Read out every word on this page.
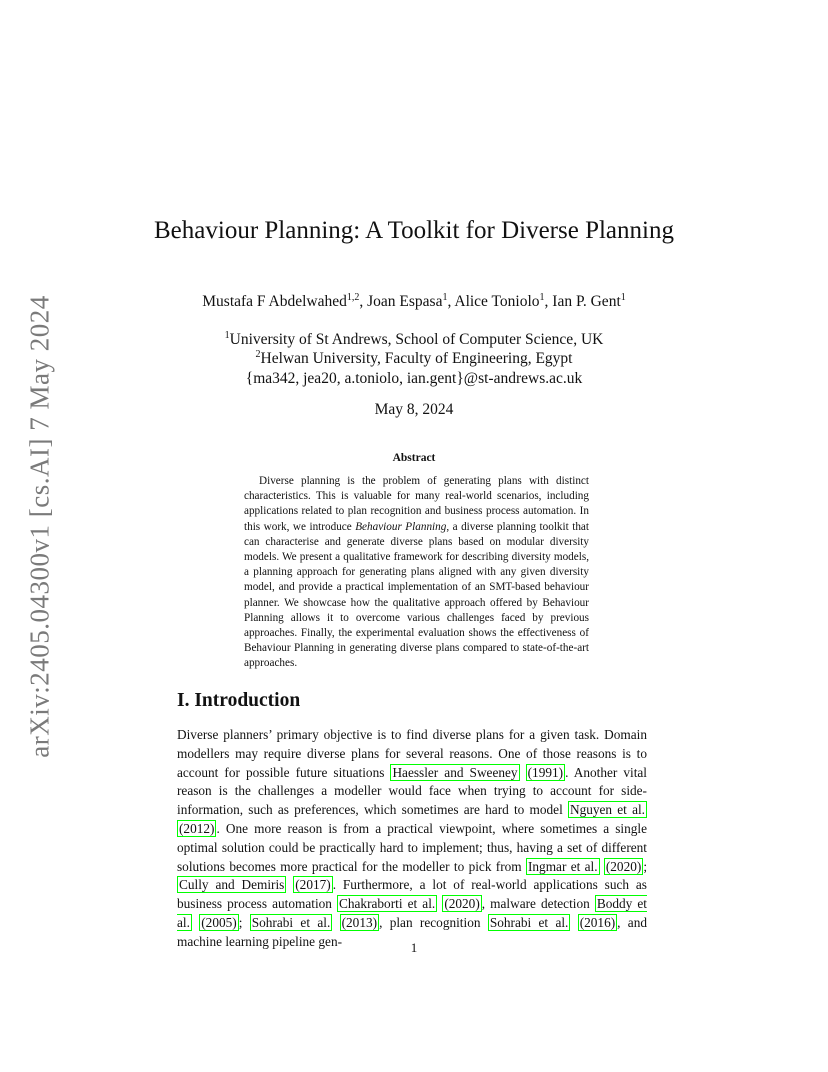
arXiv:2405.04300v1 [cs.AI] 7 May 2024
Behaviour Planning: A Toolkit for Diverse Planning
Mustafa F Abdelwahed$^{1,2}$, Joan Espasa$^1$, Alice Toniolo$^1$, Ian P. Gent$^1$
$^1$University of St Andrews, School of Computer Science, UK
$^2$Helwan University, Faculty of Engineering, Egypt
{ma342, jea20, a.toniolo, ian.gent}@st-andrews.ac.uk
May 8, 2024
Abstract

Diverse planning is the problem of generating plans with distinct characteristics. This is valuable for many real-world scenarios, including applications related to plan recognition and business process automation. In this work, we introduce Behaviour Planning, a diverse planning toolkit that can characterise and generate diverse plans based on modular diversity models. We present a qualitative framework for describing diversity models, a planning approach for generating plans aligned with any given diversity model, and provide a practical implementation of an SMT-based behaviour planner. We showcase how the qualitative approach offered by Behaviour Planning allows it to overcome various challenges faced by previous approaches. Finally, the experimental evaluation shows the effectiveness of Behaviour Planning in generating diverse plans compared to state-of-the-art approaches.

I. Introduction

Diverse planners’ primary objective is to find diverse plans for a given task. Domain modellers may require diverse plans for several reasons. One of those reasons is to account for possible future situations Haessler and Sweeney (1991) . Another vital reason is the challenges a modeller would face when trying to account for side-information, such as preferences, which sometimes are hard to model Nguyen et al. (2012) . One more reason is from a practical viewpoint, where sometimes a single optimal solution could be practically hard to implement; thus, having a set of different solutions becomes more practical for the modeller to pick from Ingmar et al. (2020) ; Cully and Demiris (2017) . Furthermore, a lot of real-world applications such as business process automation Chakraborti et al. (2020) , malware detection Boddy et al. (2005) ; Sohrabi et al. (2013) , plan recognition Sohrabi et al. (2016) , and machine learning pipeline gen-	1
